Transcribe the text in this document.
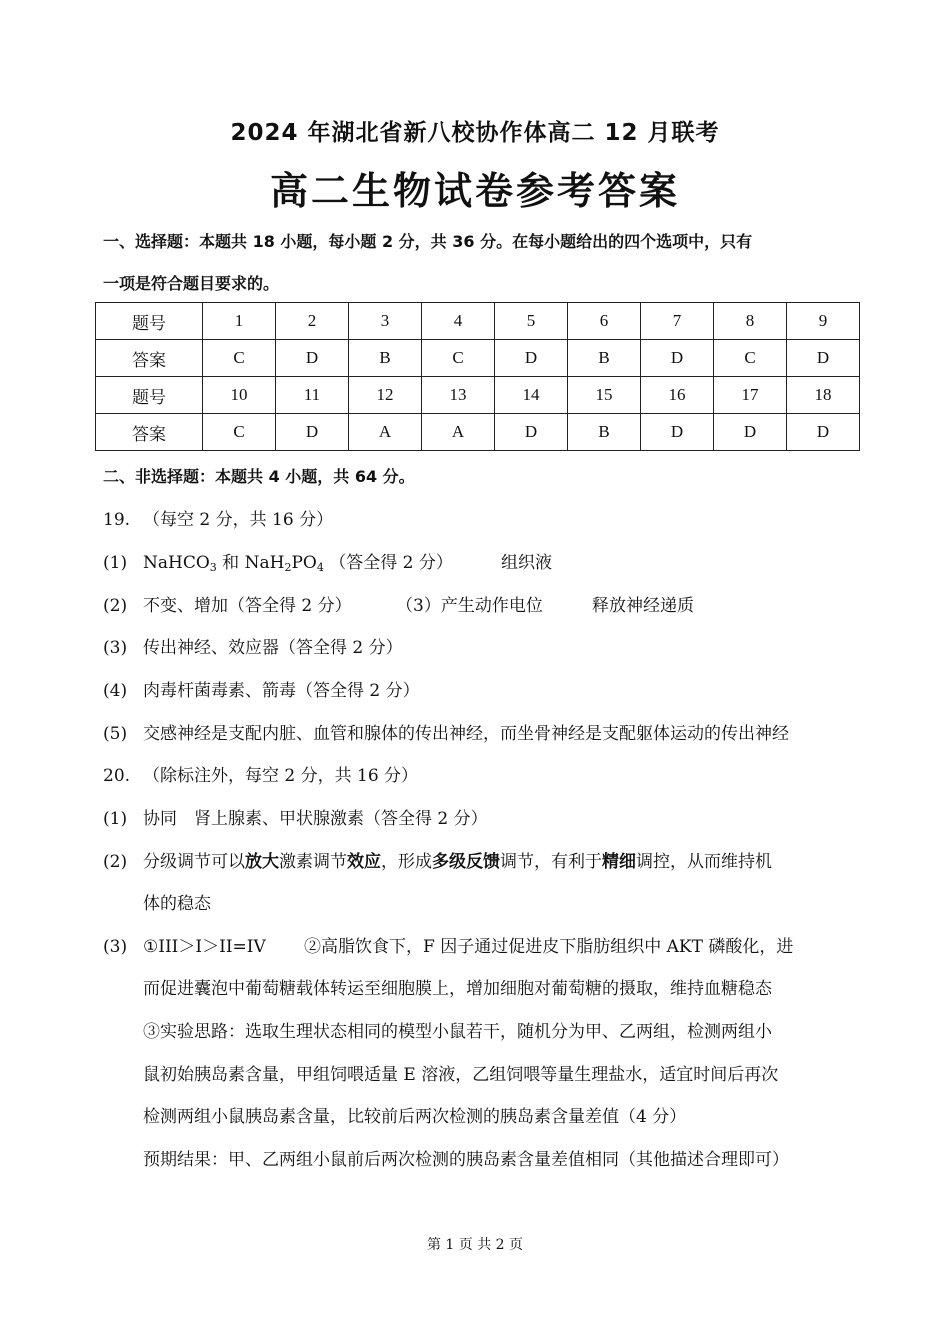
2024 年湖北省新八校协作体高二 12 月联考
高二生物试卷参考答案
一、选择题：本题共 18 小题，每小题 2 分，共 36 分。在每小题给出的四个选项中，只有
一项是符合题目要求的。
题号	1	2	3	4	5	6	7	8	9
答案	C	D	B	C	D	B	D	C	D
题号	10	11	12	13	14	15	16	17	18
答案	C	D	A	A	D	B	D	D	D
二、非选择题：本题共 4 小题，共 64 分。
19. （每空 2 分，共 16 分）
(1) NaHCO$_3$ 和 $NaH_2PO_4$ （答全得 2 分）	组织液
(2) 不变、增加（答全得 2 分）	（3）产生动作电位	释放神经递质
(3) 传出神经、效应器（答全得 2 分）
(4) 肉毒杆菌毒素、箭毒（答全得 2 分）
(5) 交感神经是支配内脏、血管和腺体的传出神经，而坐骨神经是支配躯体运动的传出神经
20. （除标注外，每空 2 分，共 16 分）
(1) 协同　肾上腺素、甲状腺激素（答全得 2 分）
(2) 分级调节可以放大激素调节效应，形成多级反馈调节，有利于精细调控，从而维持机
体的稳态
(3) ①III＞I＞II=IV ②高脂饮食下，F 因子通过促进皮下脂肪组织中 AKT 磷酸化，进
而促进囊泡中葡萄糖载体转运至细胞膜上，增加细胞对葡萄糖的摄取，维持血糖稳态
③实验思路：选取生理状态相同的模型小鼠若干，随机分为甲、乙两组，检测两组小
鼠初始胰岛素含量，甲组饲喂适量 E 溶液，乙组饲喂等量生理盐水，适宜时间后再次
检测两组小鼠胰岛素含量，比较前后两次检测的胰岛素含量差值（4 分）
预期结果：甲、乙两组小鼠前后两次检测的胰岛素含量差值相同（其他描述合理即可）
第 1 页 共 2 页
